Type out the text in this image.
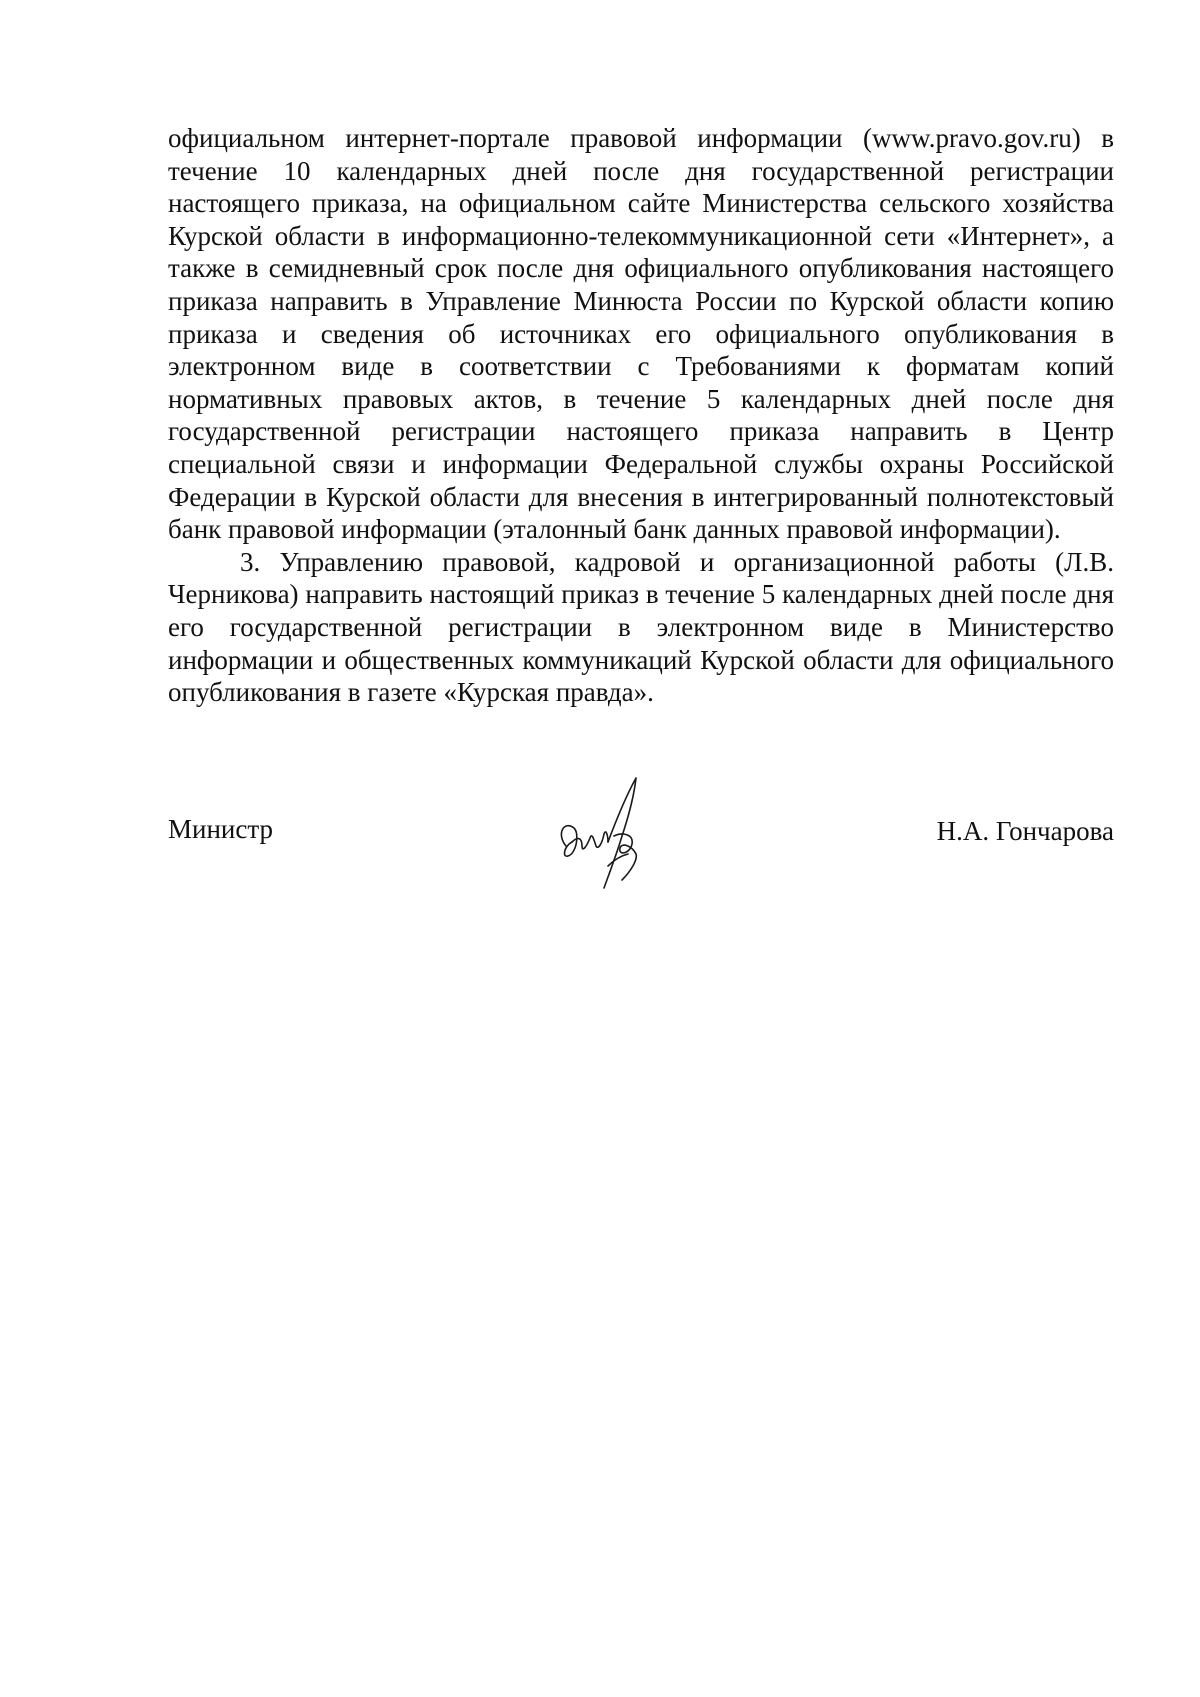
официальном интернет-портале правовой информации (www.pravo.gov.ru) в течение 10 календарных дней после дня государственной регистрации настоящего приказа, на официальном сайте Министерства сельского хозяйства Курской области в информационно-телекоммуникационной сети «Интернет», а также в семидневный срок после дня официального опубликования настоящего приказа направить в Управление Минюста России по Курской области копию приказа и сведения об источниках его официального опубликования в электронном виде в соответствии с Требованиями к форматам копий нормативных правовых актов, в течение 5 календарных дней после дня государственной регистрации настоящего приказа направить в Центр специальной связи и информации Федеральной службы охраны Российской Федерации в Курской области для внесения в интегрированный полнотекстовый банк правовой информации (эталонный банк данных правовой информации).

3. Управлению правовой, кадровой и организационной работы (Л.В. Черникова) направить настоящий приказ в течение 5 календарных дней после дня его государственной регистрации в электронном виде в Министерство информации и общественных коммуникаций Курской области для официального опубликования в газете «Курская правда».

Министр	Н.А. Гончарова
